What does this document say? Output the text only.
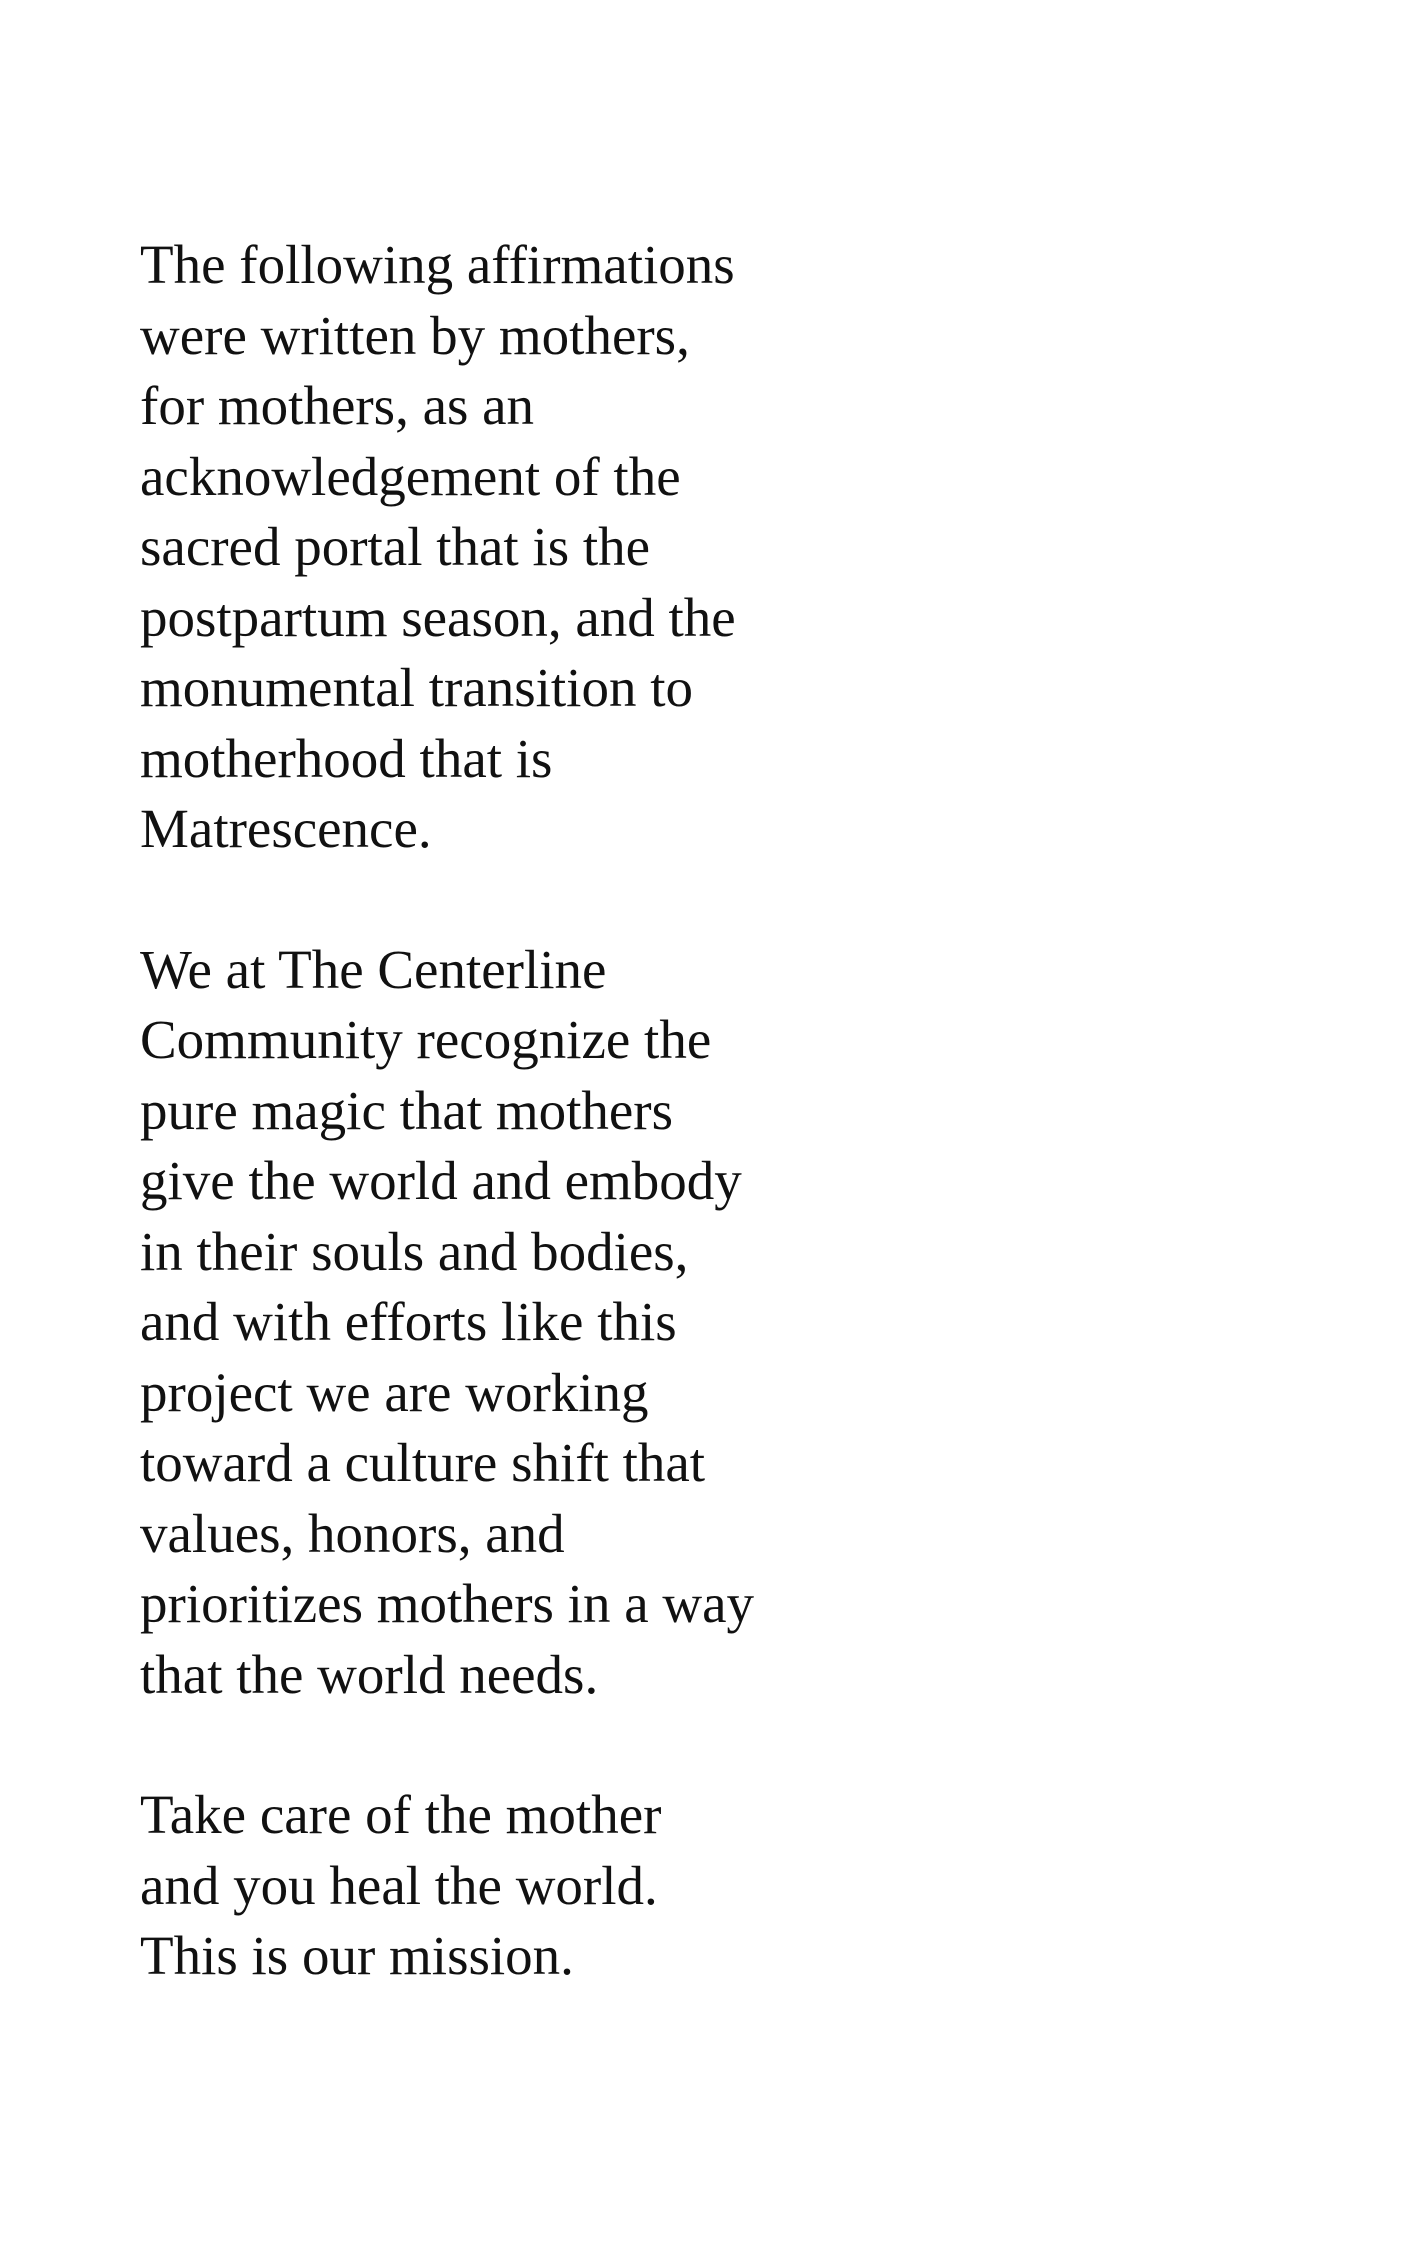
The following affirmations
were written by mothers,
for mothers, as an
acknowledgement of the
sacred portal that is the
postpartum season, and the
monumental transition to
motherhood that is
Matrescence.

We at The Centerline
Community recognize the
pure magic that mothers
give the world and embody
in their souls and bodies,
and with efforts like this
project we are working
toward a culture shift that
values, honors, and
prioritizes mothers in a way
that the world needs.

Take care of the mother
and you heal the world.
This is our mission.
